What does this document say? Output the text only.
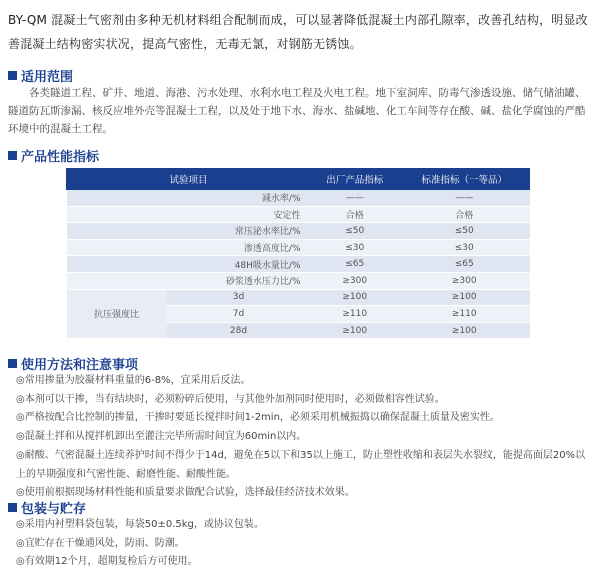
BY-QM 混凝土气密剂由多种无机材料组合配制而成，可以显著降低混凝土内部孔隙率，改善孔结构，明显改善混凝土结构密实状况，提高气密性，无毒无氯，对钢筋无锈蚀。
适用范围
各类隧道工程、矿井、地道、海港、污水处理、水利水电工程及火电工程。地下室洞库、防毒气渗透设施、储气储油罐、隧道防瓦斯渗漏、核反应堆外壳等混凝土工程，以及处于地下水、海水、盐碱地、化工车间等存在酸、碱、盐化学腐蚀的严酷环境中的混凝土工程。
产品性能指标
试验项目		出厂产品指标	标准指标（一等品）
减水率/%		——	——
安定性		合格	合格
常压泌水率比/%		≤50	≤50
渗透高度比/%		≤30	≤30
48H吸水量比/%		≤65	≤65
砂浆透水压力比/%		≥300	≥300
抗压强度比	3d	≥100	≥100
	7d	≥110	≥110
	28d	≥100	≥100
使用方法和注意事项
◎常用掺量为胶凝材料重量的6-8%，宜采用后反法。
◎本剂可以干掺，当有结块时，必须粉碎后使用，与其他外加剂同时使用时，必须做相容性试验。
◎严格按配合比控制的掺量，干掺时要延长搅拌时间1-2min，必须采用机械振捣以确保混凝土质量及密实性。
◎混凝土拌和从搅拌机卸出至灌注完毕所需时间宜为60min以内。
◎耐酸、气密混凝土连续养护时间不得少于14d，避免在5以下和35以上施工，防止塑性收缩和表层失水裂纹，能提高面层20%以上的早期强度和气密性能、耐磨性能、耐酸性能。
◎使用前根据现场材料性能和质量要求做配合试验，选择最佳经济技术效果。
包装与贮存
◎采用内衬塑料袋包装，每袋50±0.5kg，或协议包装。
◎宜贮存在干燥通风处，防雨、防潮。
◎有效期12个月，超期复检后方可使用。
